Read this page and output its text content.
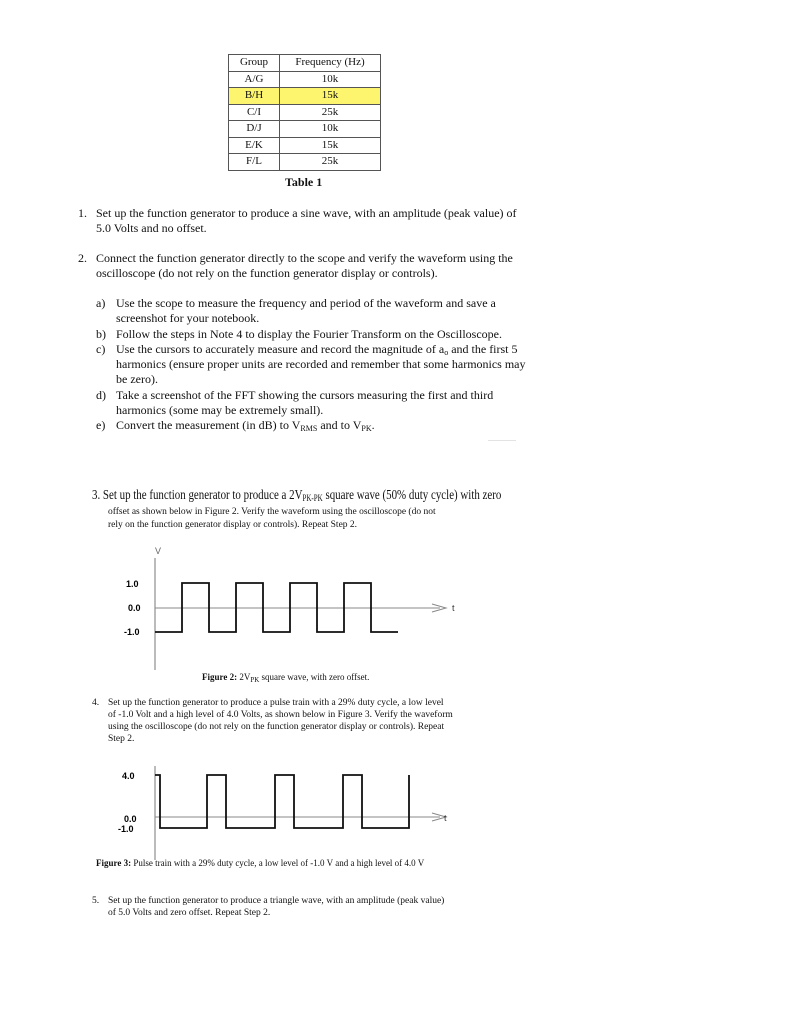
Group	Frequency (Hz)
A/G	10k
B/H	15k
C/I	25k
D/J	10k
E/K	15k
F/L	25k
Table 1
1. Set up the function generator to produce a sine wave, with an amplitude (peak value) of
5.0 Volts and no offset.
2. Connect the function generator directly to the scope and verify the waveform using the
oscilloscope (do not rely on the function generator display or controls).
a) Use the scope to measure the frequency and period of the waveform and save a
screenshot for your notebook.
b) Follow the steps in Note 4 to display the Fourier Transform on the Oscilloscope.
c) Use the cursors to accurately measure and record the magnitude of $a_o$ and the first 5
harmonics (ensure proper units are recorded and remember that some harmonics may
be zero).
d) Take a screenshot of the FFT showing the cursors measuring the first and third
harmonics (some may be extremely small).
e) Convert the measurement (in dB) to $V_{RMS}$ and to $V_{PK}$.
3. Set up the function generator to produce a $2V_{PK-PK}$ square wave (50% duty cycle) with zero
offset as shown below in Figure 2. Verify the waveform using the oscilloscope (do not
rely on the function generator display or controls). Repeat Step 2.
V
t
1.0
0.0
-1.0
Figure 2: $2V_{PK}$ square wave, with zero offset.
4. Set up the function generator to produce a pulse train with a 29% duty cycle, a low level
of -1.0 Volt and a high level of 4.0 Volts, as shown below in Figure 3. Verify the waveform
using the oscilloscope (do not rely on the function generator display or controls). Repeat
Step 2.
t
4.0
0.0
-1.0
Figure 3: Pulse train with a 29% duty cycle, a low level of -1.0 V and a high level of 4.0 V
5. Set up the function generator to produce a triangle wave, with an amplitude (peak value)
of 5.0 Volts and zero offset. Repeat Step 2.
